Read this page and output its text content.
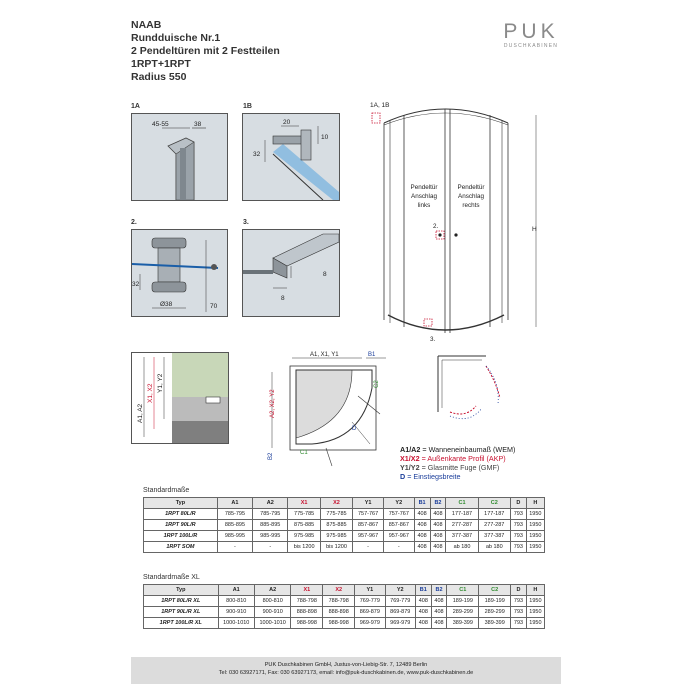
NAAB
Rundduische Nr.1
2 Pendeltüren mit 2 Festteilen
1RPT+1RPT
Radius 550
PUK
DUSCHKABINEN
1A
45-55	38
1B
20
10
32
2.
32
70
Ø38
3.
8
8
1A, 1B
Pendeltür
Anschlag
links
Pendeltür
Anschlag
rechts
2.
3.
H
A1, A2
X1, X2
Y1, Y2
A1, X1, Y1	B1
C2
A2, X2, Y2
B2	C1
D
A1/A2 = Wanneneinbaumaß (WEM)
X1/X2 = Außenkante Profil (AKP)
Y1/Y2 = Glasmitte Fuge (GMF)
D = Einstiegsbreite
Standardmaße
Typ	A1	A2	X1	X2	Y1	Y2	B1	B2	C1	C2	D	H
1RPT 80L/R	785-795	785-795	775-785	775-785	757-767	757-767	408	408	177-187	177-187	793	1950
1RPT 90L/R	885-895	885-895	875-885	875-885	857-867	857-867	408	408	277-287	277-287	793	1950
1RPT 100L/R	985-995	985-995	975-985	975-985	957-967	957-967	408	408	377-387	377-387	793	1950
1RPT SOM	-	-	bis 1200	bis 1200	-	-	408	408	ab 180	ab 180	793	1950
Standardmaße XL
Typ	A1	A2	X1	X2	Y1	Y2	B1	B2	C1	C2	D	H
1RPT 80L/R XL	800-810	800-810	788-798	788-798	769-779	769-779	408	408	189-199	189-199	793	1950
1RPT 90L/R XL	900-910	900-910	888-898	888-898	869-879	869-879	408	408	289-299	289-299	793	1950
1RPT 100L/R XL	1000-1010	1000-1010	988-998	988-998	969-979	969-979	408	408	389-399	389-399	793	1950
PUK Duschkabinen GmbH, Justus-von-Liebig-Str. 7, 12489 Berlin
Tel: 030 63927171, Fax: 030 63927173, email: info@puk-duschkabinen.de, www.puk-duschkabinen.de
